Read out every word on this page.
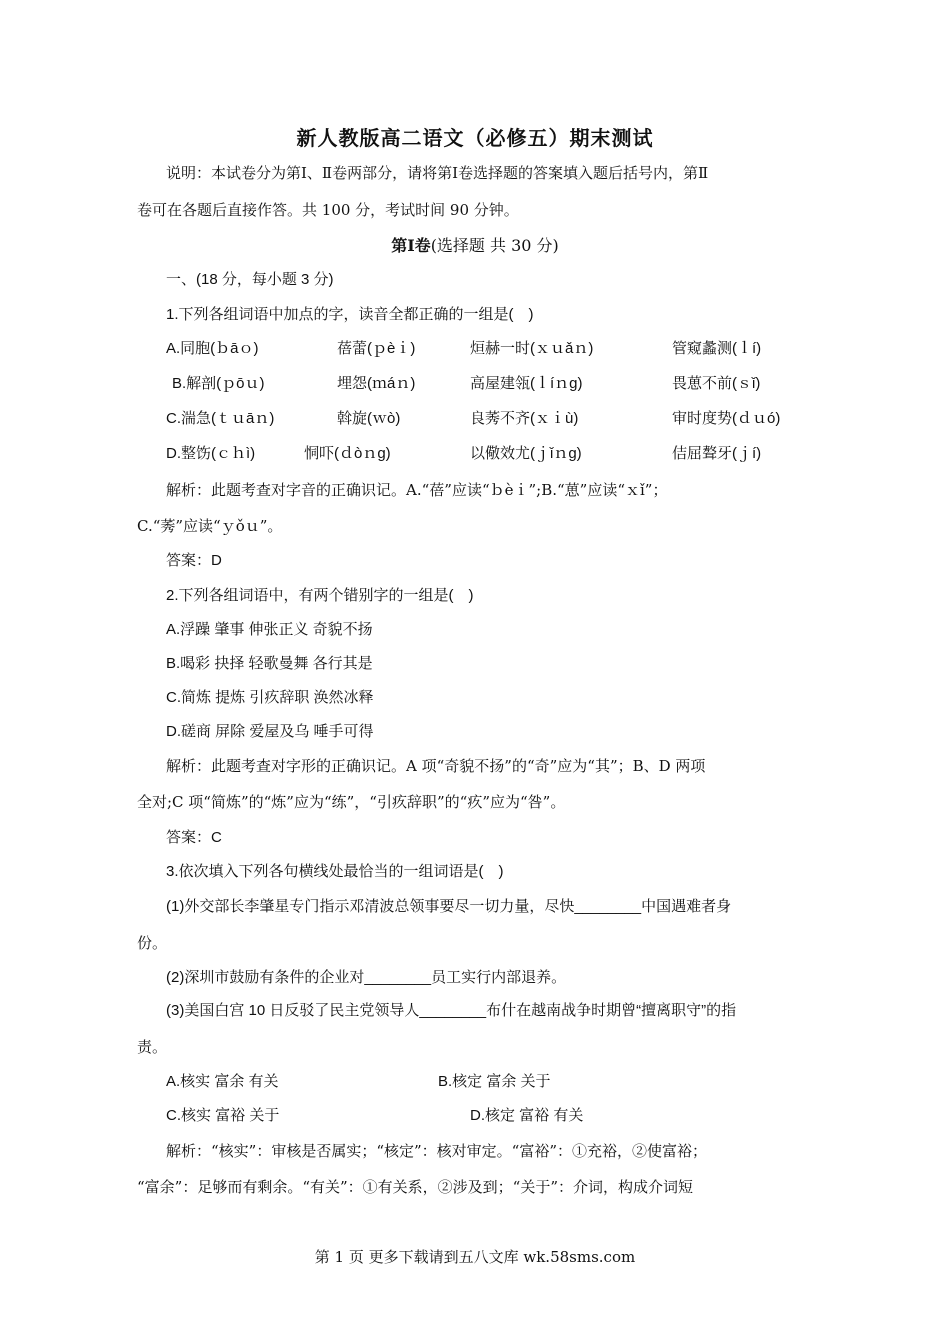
新人教版高二语文（必修五）期末测试
说明：本试卷分为第Ⅰ、Ⅱ卷两部分，请将第Ⅰ卷选择题的答案填入题后括号内，第Ⅱ
卷可在各题后直接作答。共 100 分，考试时间 90 分钟。
第Ⅰ卷(选择题 共 30 分)
一、(18 分，每小题 3 分)
1.下列各组词语中加点的字，读音全都正确的一组是(　)
A.同胞(ｂāｏ)	蓓蕾(ｐèｉ)	烜赫一时(ｘｕǎｎ)	管窥蠡测(ｌí)
B.解剖(ｐōｕ)	埋怨(ｍáｎ)	高屋建瓴(ｌíｎg)	畏葸不前(ｓǐ)
C.湍急(ｔｕāｎ)	斡旋(ｗò)	良莠不齐(ｘｉù)	审时度势(ｄｕó)
D.整饬(ｃｈì)	恫吓(ｄòｎg)	以儆效尤(ｊǐｎg)	佶屈聱牙(ｊí)
解析：此题考查对字音的正确识记。A.“蓓”应读“ｂèｉ”;B.“葸”应读“ｘǐ”；
C.“莠”应读“ｙǒｕ”。
答案：D
2.下列各组词语中，有两个错别字的一组是(　)
A.浮躁 肇事 伸张正义 奇貌不扬
B.喝彩 抉择 轻歌曼舞 各行其是
C.简炼 提炼 引疚辞职 涣然冰释
D.磋商 屏除 爱屋及乌 唾手可得
解析：此题考查对字形的正确识记。A 项“奇貌不扬”的“奇”应为“其”；B、D 两项
全对;C 项“简炼”的“炼”应为“练”，“引疚辞职”的“疚”应为“咎”。
答案：C
3.依次填入下列各句横线处最恰当的一组词语是(　)
(1)外交部长李肇星专门指示邓清波总领事要尽一切力量，尽快________中国遇难者身
份。
(2)深圳市鼓励有条件的企业对________员工实行内部退养。
(3)美国白宫 10 日反驳了民主党领导人________布什在越南战争时期曾“擅离职守”的指
责。
A.核实 富余 有关	B.核定 富余 关于
C.核实 富裕 关于	D.核定 富裕 有关
解析：“核实”：审核是否属实；“核定”：核对审定。“富裕”：①充裕，②使富裕；
“富余”：足够而有剩余。“有关”：①有关系，②涉及到；“关于”：介词，构成介词短
第 1 页 更多下载请到五八文库 wk.58sms.com
